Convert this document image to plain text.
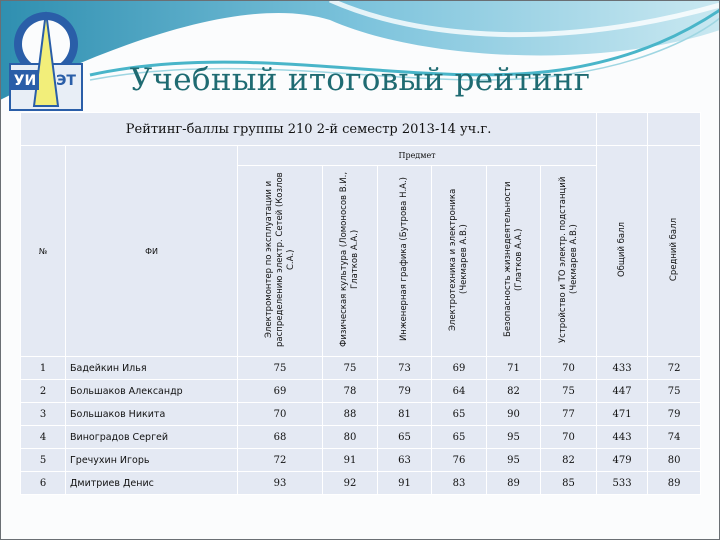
УИ ЭТ	Учебный итоговый рейтинг
Рейтинг-баллы группы 210 2-й семестр 2013-14 уч.г.									
№	ФИ	Предмет						Общий балл	Средний балл
		Электромонтер по эксплуатации и распределению электр. Сетей (Козлов С.А.)	Физическая культура (Ломоносов В.И., Глатков А.А.)	Инженерная графика (Бутрова Н.А.)	Электротехника и электроника (Чекмарев А.В.)	Безопасность жизнедеятельности (Глатков А.А.)	Устройство и ТО электр. подстанций (Чекмарев А.В.)		
1	Бадейкин Илья	75	75	73	69	71	70	433	72
2	Большаков Александр	69	78	79	64	82	75	447	75
3	Большаков Никита	70	88	81	65	90	77	471	79
4	Виноградов Сергей	68	80	65	65	95	70	443	74
5	Гречухин Игорь	72	91	63	76	95	82	479	80
6	Дмитриев Денис	93	92	91	83	89	85	533	89
